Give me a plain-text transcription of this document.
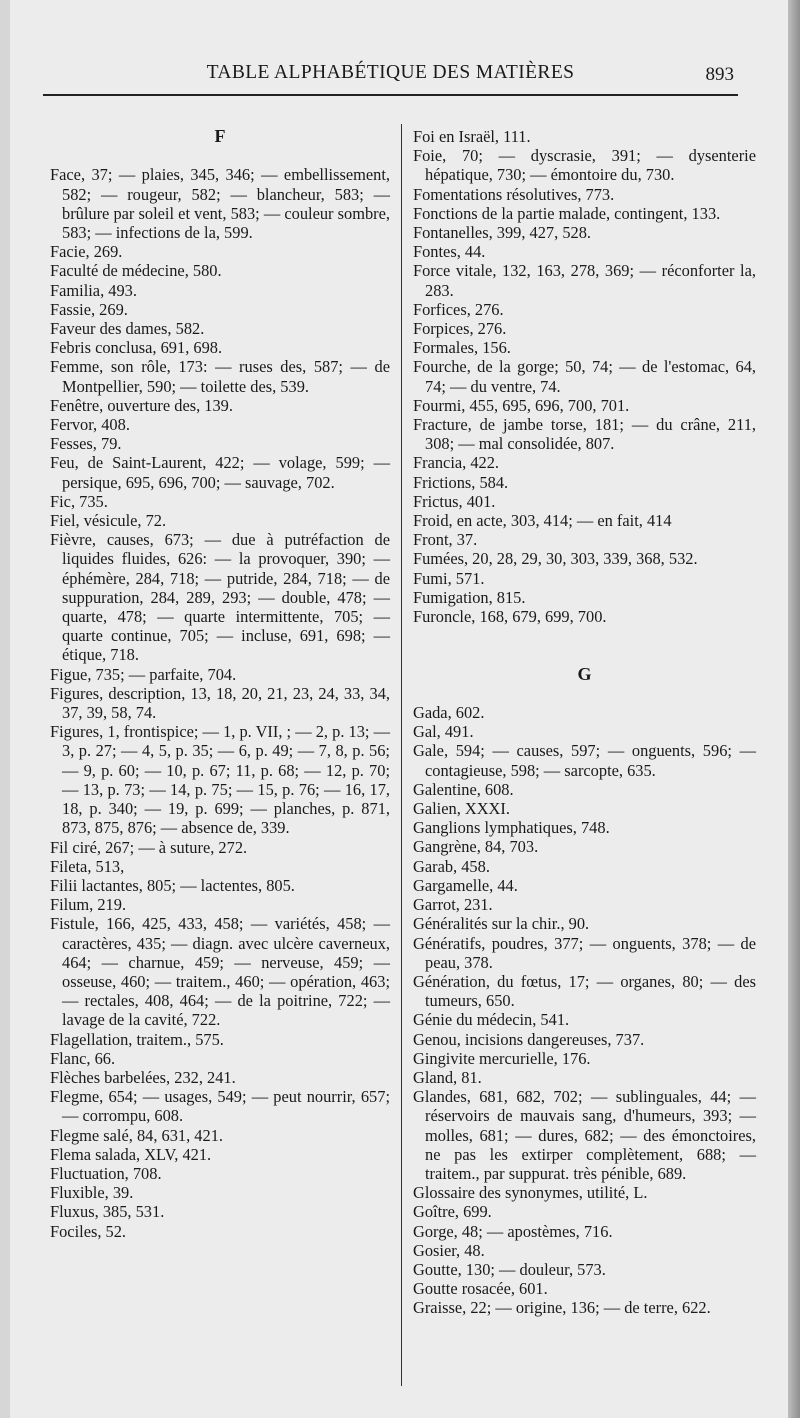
TABLE ALPHABÉTIQUE DES MATIÈRES	893
F
Face, 37; — plaies, 345, 346; — embellissement, 582; — rougeur, 582; — blancheur, 583; — brûlure par soleil et vent, 583; — couleur sombre, 583; — infections de la, 599.
Facie, 269.
Faculté de médecine, 580.
Familia, 493.
Fassie, 269.
Faveur des dames, 582.
Febris conclusa, 691, 698.
Femme, son rôle, 173: — ruses des, 587; — de Montpellier, 590; — toilette des, 539.
Fenêtre, ouverture des, 139.
Fervor, 408.
Fesses, 79.
Feu, de Saint-Laurent, 422; — volage, 599; — persique, 695, 696, 700; — sauvage, 702.
Fic, 735.
Fiel, vésicule, 72.
Fièvre, causes, 673; — due à putréfaction de liquides fluides, 626: — la provoquer, 390; — éphémère, 284, 718; — putride, 284, 718; — de suppuration, 284, 289, 293; — double, 478; — quarte, 478; — quarte intermittente, 705; — quarte continue, 705; — incluse, 691, 698; — étique, 718.
Figue, 735; — parfaite, 704.
Figures, description, 13, 18, 20, 21, 23, 24, 33, 34, 37, 39, 58, 74.
Figures, 1, frontispice; — 1, p. VII, ; — 2, p. 13; — 3, p. 27; — 4, 5, p. 35; — 6, p. 49; — 7, 8, p. 56; — 9, p. 60; — 10, p. 67; 11, p. 68; — 12, p. 70; — 13, p. 73; — 14, p. 75; — 15, p. 76; — 16, 17, 18, p. 340; — 19, p. 699; — planches, p. 871, 873, 875, 876; — absence de, 339.
Fil ciré, 267; — à suture, 272.
Fileta, 513,
Filii lactantes, 805; — lactentes, 805.
Filum, 219.
Fistule, 166, 425, 433, 458; — variétés, 458; — caractères, 435; — diagn. avec ulcère caverneux, 464; — charnue, 459; — nerveuse, 459; — osseuse, 460; — traitem., 460; — opération, 463; — rectales, 408, 464; — de la poitrine, 722; — lavage de la cavité, 722.
Flagellation, traitem., 575.
Flanc, 66.
Flèches barbelées, 232, 241.
Flegme, 654; — usages, 549; — peut nourrir, 657; — corrompu, 608.
Flegme salé, 84, 631, 421.
Flema salada, XLV, 421.
Fluctuation, 708.
Fluxible, 39.
Fluxus, 385, 531.
Fociles, 52.
Foi en Israël, 111.
Foie, 70; — dyscrasie, 391; — dysenterie hépatique, 730; — émontoire du, 730.
Fomentations résolutives, 773.
Fonctions de la partie malade, contingent, 133.
Fontanelles, 399, 427, 528.
Fontes, 44.
Force vitale, 132, 163, 278, 369; — réconforter la, 283.
Forfices, 276.
Forpices, 276.
Formales, 156.
Fourche, de la gorge; 50, 74; — de l'estomac, 64, 74; — du ventre, 74.
Fourmi, 455, 695, 696, 700, 701.
Fracture, de jambe torse, 181; — du crâne, 211, 308; — mal consolidée, 807.
Francia, 422.
Frictions, 584.
Frictus, 401.
Froid, en acte, 303, 414; — en fait, 414
Front, 37.
Fumées, 20, 28, 29, 30, 303, 339, 368, 532.
Fumi, 571.
Fumigation, 815.
Furoncle, 168, 679, 699, 700.
G
Gada, 602.
Gal, 491.
Gale, 594; — causes, 597; — onguents, 596; — contagieuse, 598; — sarcopte, 635.
Galentine, 608.
Galien, XXXI.
Ganglions lymphatiques, 748.
Gangrène, 84, 703.
Garab, 458.
Gargamelle, 44.
Garrot, 231.
Généralités sur la chir., 90.
Génératifs, poudres, 377; — onguents, 378; — de peau, 378.
Génération, du fœtus, 17; — organes, 80; — des tumeurs, 650.
Génie du médecin, 541.
Genou, incisions dangereuses, 737.
Gingivite mercurielle, 176.
Gland, 81.
Glandes, 681, 682, 702; — sublinguales, 44; — réservoirs de mauvais sang, d'humeurs, 393; — molles, 681; — dures, 682; — des émonctoires, ne pas les extirper complètement, 688; — traitem., par suppurat. très pénible, 689.
Glossaire des synonymes, utilité, L.
Goître, 699.
Gorge, 48; — apostèmes, 716.
Gosier, 48.
Goutte, 130; — douleur, 573.
Goutte rosacée, 601.
Graisse, 22; — origine, 136; — de terre, 622.
